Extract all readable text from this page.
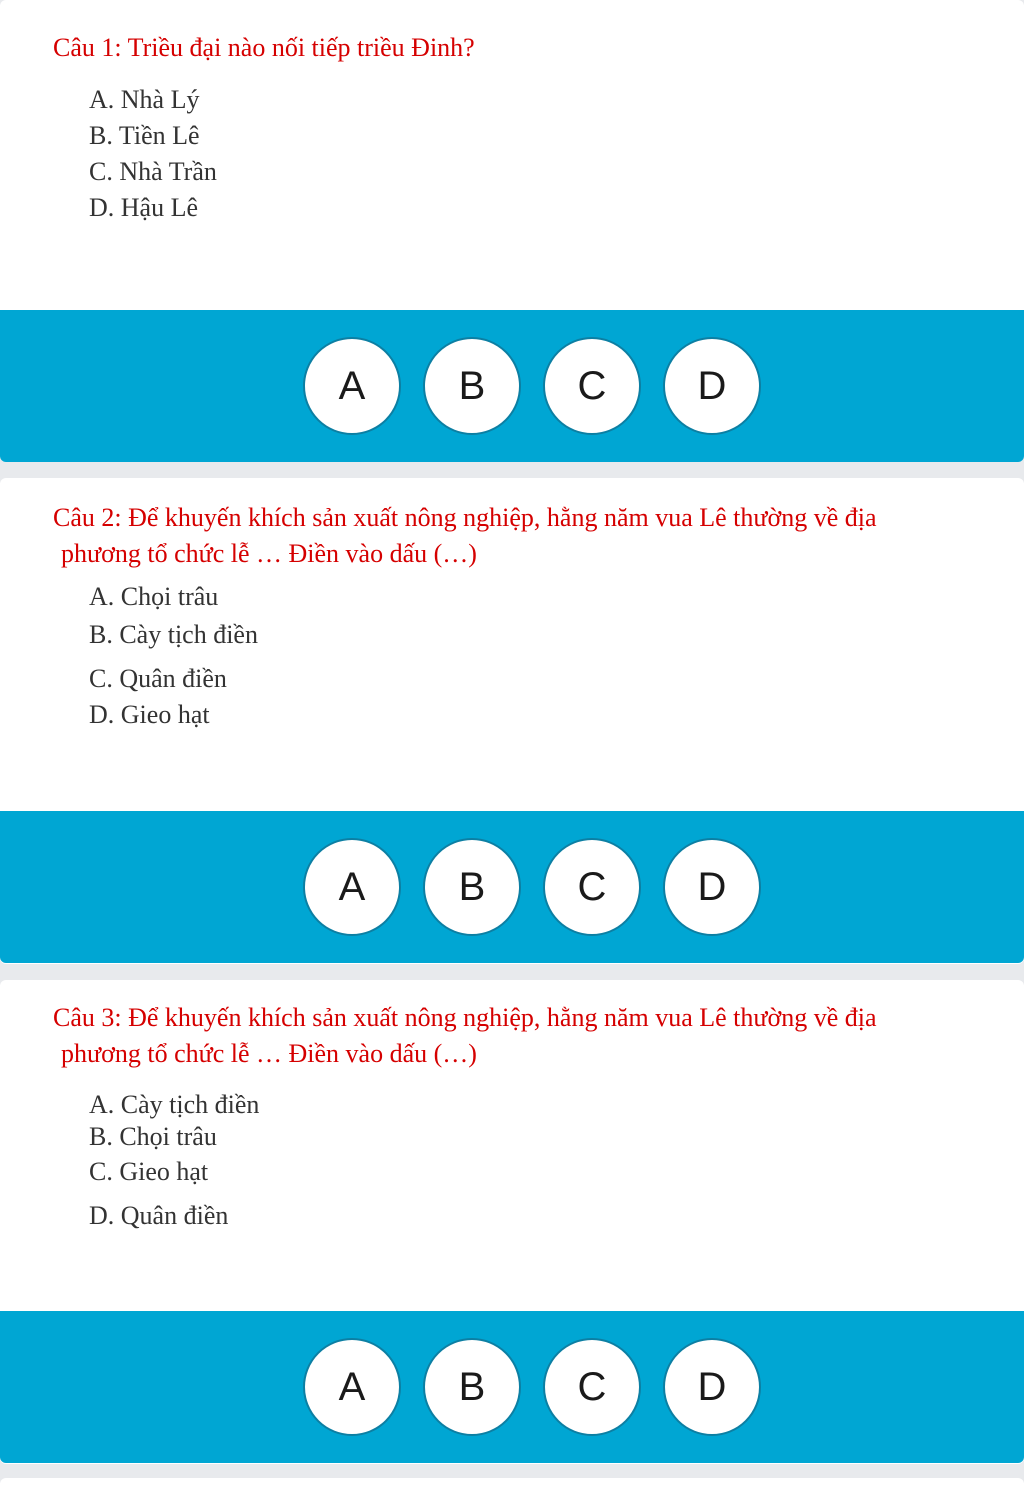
Câu 1: Triều đại nào nối tiếp triều Đinh?
A. Nhà Lý
B. Tiền Lê
C. Nhà Trần
D. Hậu Lê
A	B	C	D
Câu 2: Để khuyến khích sản xuất nông nghiệp, hằng năm vua Lê thường về địa
phương tổ chức lễ … Điền vào dấu (…)
A. Chọi trâu
B. Cày tịch điền
C. Quân điền
D. Gieo hạt
A	B	C	D
Câu 3: Để khuyến khích sản xuất nông nghiệp, hằng năm vua Lê thường về địa
phương tổ chức lễ … Điền vào dấu (…)
A. Cày tịch điền
B. Chọi trâu
C. Gieo hạt
D. Quân điền
A	B	C	D
